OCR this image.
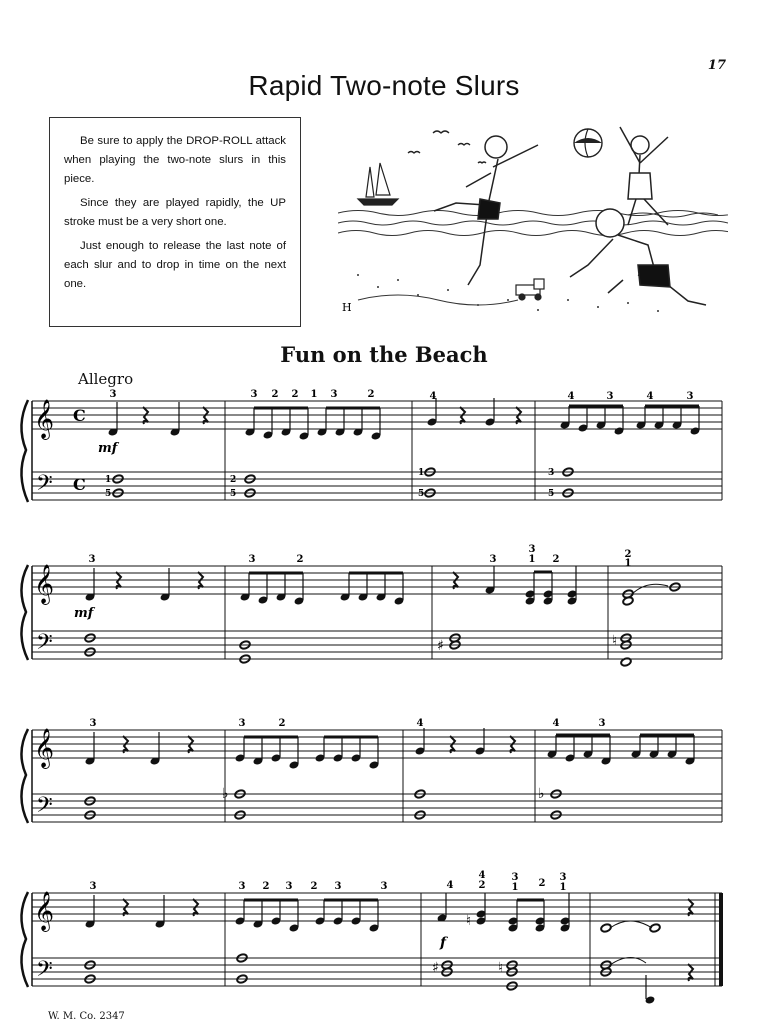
17
Rapid Two-note Slurs

Be sure to apply the DROP-ROLL attack when playing the two-note slurs in this piece.

Since they are played rapidly, the UP stroke must be a very short one.

Just enough to release the last note of each slur and to drop in time on the next one.

H
Fun on the Beach
Allegro
𝄞
𝄢
C
C
mf
3	3 2 2 1 3	2	4	4	3	4	3
1
5
2
5
1
5
3
5
𝄞
𝄢
mf
♯	♮
3	3	2	3
3
1 2	2
1
𝄞
𝄢	♭	♭
3	3	2	4	4	3
𝄞
𝄢
f
♮
♯	♮
3	3 2 3 2 3	3	4
4
2
3
1 2
3
1
W. M. Co. 2347
